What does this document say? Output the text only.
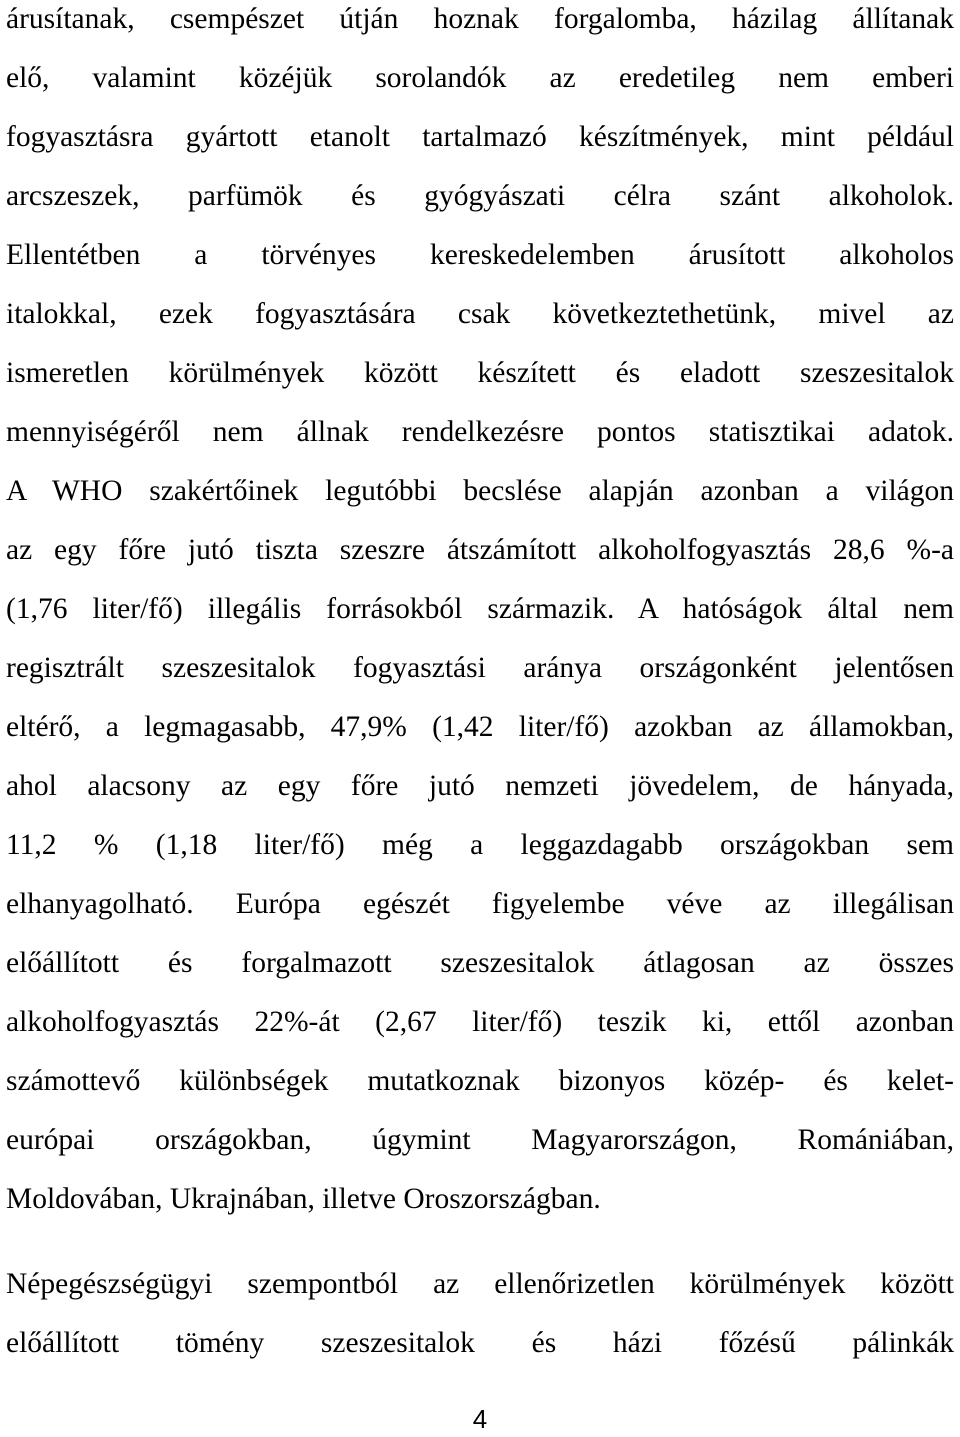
árusítanak, csempészet útján hoznak forgalomba, házilag állítanak
elő, valamint közéjük sorolandók az eredetileg nem emberi
fogyasztásra gyártott etanolt tartalmazó készítmények, mint például
arcszeszek, parfümök és gyógyászati célra szánt alkoholok.
Ellentétben a törvényes kereskedelemben árusított alkoholos
italokkal, ezek fogyasztására csak következtethetünk, mivel az
ismeretlen körülmények között készített és eladott szeszesitalok
mennyiségéről nem állnak rendelkezésre pontos statisztikai adatok.
A WHO szakértőinek legutóbbi becslése alapján azonban a világon
az egy főre jutó tiszta szeszre átszámított alkoholfogyasztás 28,6 %-a
(1,76 liter/fő) illegális forrásokból származik. A hatóságok által nem
regisztrált szeszesitalok fogyasztási aránya országonként jelentősen
eltérő, a legmagasabb, 47,9% (1,42 liter/fő) azokban az államokban,
ahol alacsony az egy főre jutó nemzeti jövedelem, de hányada,
11,2 % (1,18 liter/fő) még a leggazdagabb országokban sem
elhanyagolható. Európa egészét figyelembe véve az illegálisan
előállított és forgalmazott szeszesitalok átlagosan az összes
alkoholfogyasztás 22%-át (2,67 liter/fő) teszik ki, ettől azonban
számottevő különbségek mutatkoznak bizonyos közép- és kelet-
európai országokban, úgymint Magyarországon, Romániában,
Moldovában, Ukrajnában, illetve Oroszországban.

Népegészségügyi szempontból az ellenőrizetlen körülmények között
előállított tömény szeszesitalok és házi főzésű pálinkák

4
